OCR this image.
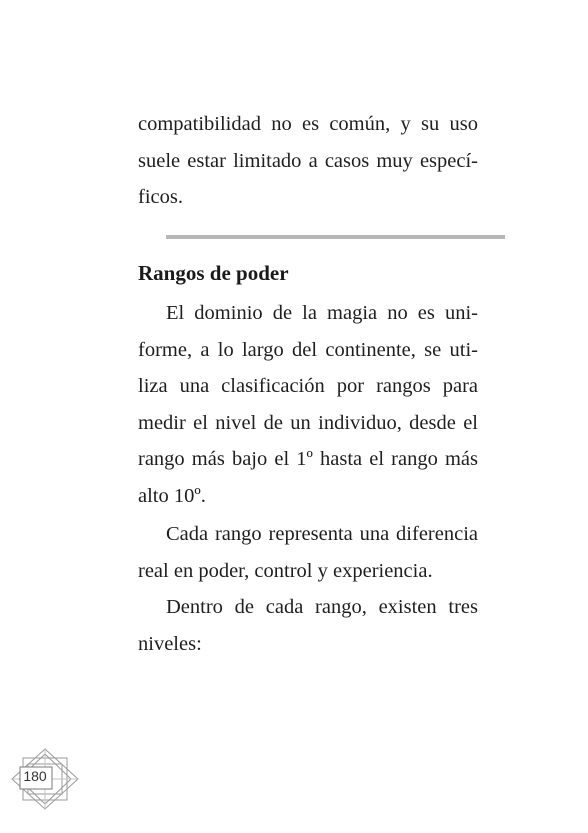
compatibilidad no es común, y su uso
suele estar limitado a casos muy especí-
ficos.
Rangos de poder
El dominio de la magia no es uni-
forme, a lo largo del continente, se uti-
liza una clasificación por rangos para
medir el nivel de un individuo, desde el
rango más bajo el 1º hasta el rango más
alto 10º.
Cada rango representa una diferencia
real en poder, control y experiencia.
Dentro de cada rango, existen tres
niveles:
180
